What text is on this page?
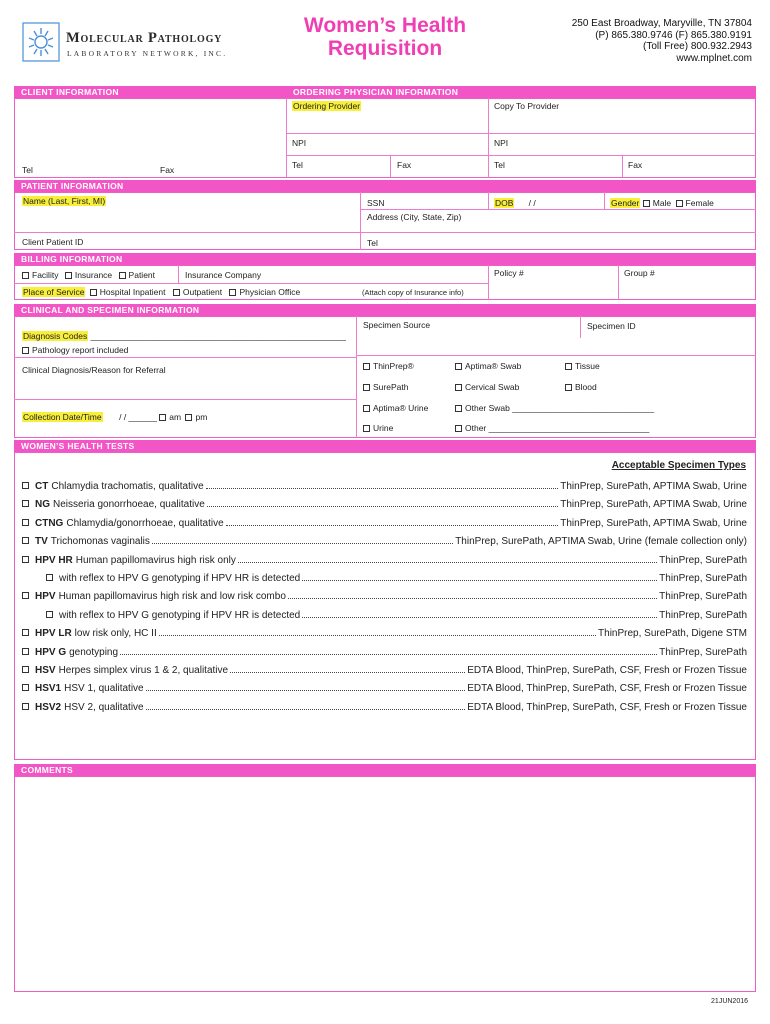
Molecular Pathology
LABORATORY NETWORK, INC.
Women’s Health
Requisition
250 East Broadway, Maryville, TN 37804
(P) 865.380.9746 (F) 865.380.9191
(Toll Free) 800.932.2943
www.mplnet.com
CLIENT INFORMATION	ORDERING PHYSICIAN INFORMATION
Tel	Fax
Ordering Provider	Copy To Provider
NPI	NPI
Tel	Fax	Tel	Fax
PATIENT INFORMATION
Name (Last, First, MI)	SSN	DOB / /	Gender Male Female
Address (City, State, Zip)
Client Patient ID	Tel
BILLING INFORMATION
Facility Insurance Patient	Insurance Company	Policy #	Group #
Place of Service Hospital Inpatient Outpatient Physician Office	(Attach copy of Insurance info)
CLINICAL AND SPECIMEN INFORMATION
Diagnosis Codes ______________________________________________________
Pathology report included
Clinical Diagnosis/Reason for Referral
Collection Date/Time / / ______ am pm
Specimen Source	Specimen ID
ThinPrep®	Aptima® Swab	Tissue
SurePath	Cervical Swab	Blood
Aptima® Urine	Other Swab ______________________________
Urine	Other __________________________________
WOMEN’S HEALTH TESTS
Acceptable Specimen Types
CT Chlamydia trachomatis, qualitative	ThinPrep, SurePath, APTIMA Swab, Urine
NG Neisseria gonorrhoeae, qualitative	ThinPrep, SurePath, APTIMA Swab, Urine
CTNG Chlamydia/gonorrhoeae, qualitative	ThinPrep, SurePath, APTIMA Swab, Urine
TV Trichomonas vaginalis	ThinPrep, SurePath, APTIMA Swab, Urine (female collection only)
HPV HR Human papillomavirus high risk only	ThinPrep, SurePath
with reflex to HPV G genotyping if HPV HR is detected	ThinPrep, SurePath
HPV Human papillomavirus high risk and low risk combo	ThinPrep, SurePath
with reflex to HPV G genotyping if HPV HR is detected	ThinPrep, SurePath
HPV LR low risk only, HC II	ThinPrep, SurePath, Digene STM
HPV G genotyping	ThinPrep, SurePath
HSV Herpes simplex virus 1 & 2, qualitative	EDTA Blood, ThinPrep, SurePath, CSF, Fresh or Frozen Tissue
HSV1 HSV 1, qualitative	EDTA Blood, ThinPrep, SurePath, CSF, Fresh or Frozen Tissue
HSV2 HSV 2, qualitative	EDTA Blood, ThinPrep, SurePath, CSF, Fresh or Frozen Tissue
COMMENTS
21JUN2016
